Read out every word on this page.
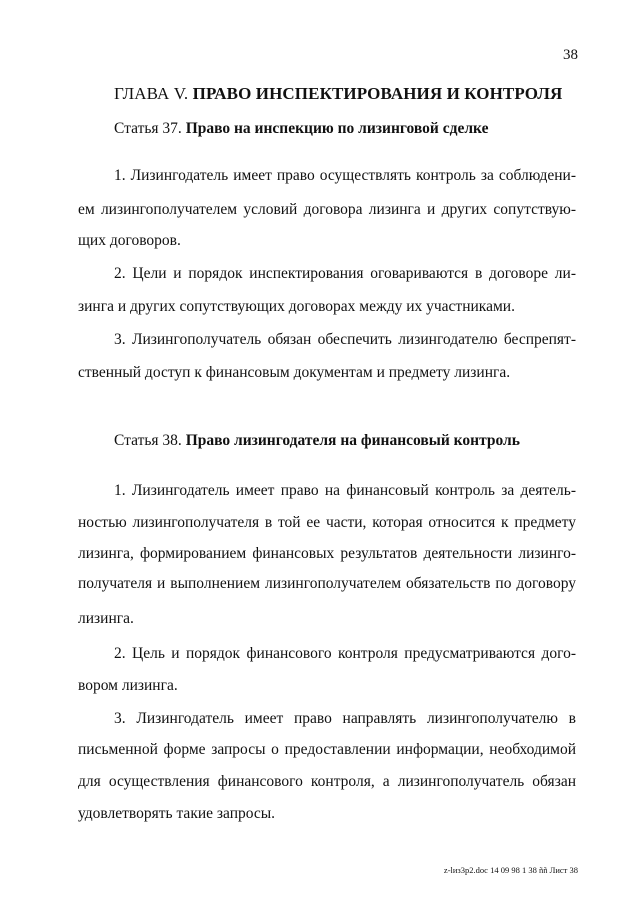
38
ГЛАВА V. ПРАВО ИНСПЕКТИРОВАНИЯ И КОНТРОЛЯ
Статья 37. Право на инспекцию по лизинговой сделке
1. Лизингодатель имеет право осуществлять контроль за соблюдени-
ем лизингополучателем условий договора лизинга и других сопутствую-
щих договоров.
2. Цели и порядок инспектирования оговариваются в договоре ли-
зинга и других сопутствующих договорах между их участниками.
3. Лизингополучатель обязан обеспечить лизингодателю беспрепят-
ственный доступ к финансовым документам и предмету лизинга.
Статья 38. Право лизингодателя на финансовый контроль
1. Лизингодатель имеет право на финансовый контроль за деятель-
ностью лизингополучателя в той ее части, которая относится к предмету
лизинга, формированием финансовых результатов деятельности лизинго-
получателя и выполнением лизингополучателем обязательств по договору
лизинга.
2. Цель и порядок финансового контроля предусматриваются дого-
вором лизинга.
3. Лизингодатель имеет право направлять лизингополучателю в
письменной форме запросы о предоставлении информации, необходимой
для осуществления финансового контроля, а лизингополучатель обязан
удовлетворять такие запросы.
z-lиз3р2.doc 14 09 98 1 38 ññ Лист 38
